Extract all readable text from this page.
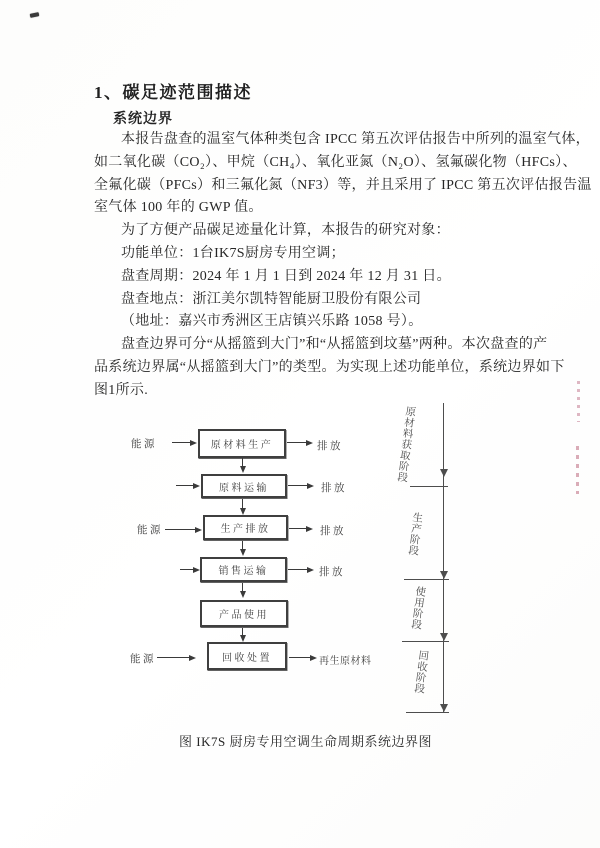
1、碳足迹范围描述
系统边界
本报告盘查的温室气体种类包含 IPCC 第五次评估报告中所列的温室气体，
如二氧化碳（CO₂）、甲烷（CH₄）、氧化亚氮（N₂O）、氢氟碳化物（HFCs）、
全氟化碳（PFCs）和三氟化氮（NF3）等，并且采用了 IPCC 第五次评估报告温
室气体 100 年的 GWP 值。
为了方便产品碳足迹量化计算，本报告的研究对象：
功能单位：1台IK7S厨房专用空调；
盘查周期：2024 年 1 月 1 日到 2024 年 12 月 31 日。
盘查地点：浙江美尔凯特智能厨卫股份有限公司
（地址：嘉兴市秀洲区王店镇兴乐路 1058 号）。
盘查边界可分“从摇篮到大门”和“从摇篮到坟墓”两种。本次盘查的产
品系统边界属“从摇篮到大门”的类型。为实现上述功能单位，系统边界如下
图1所示.
原材料生产
原料运输
生产排放
销售运输
产品使用
回收处置
能源
能源
能源
排放
排放
排放
排放
再生原材料
原材料获取阶段
生产阶段
使用阶段
回收阶段
图 IK7S 厨房专用空调生命周期系统边界图
